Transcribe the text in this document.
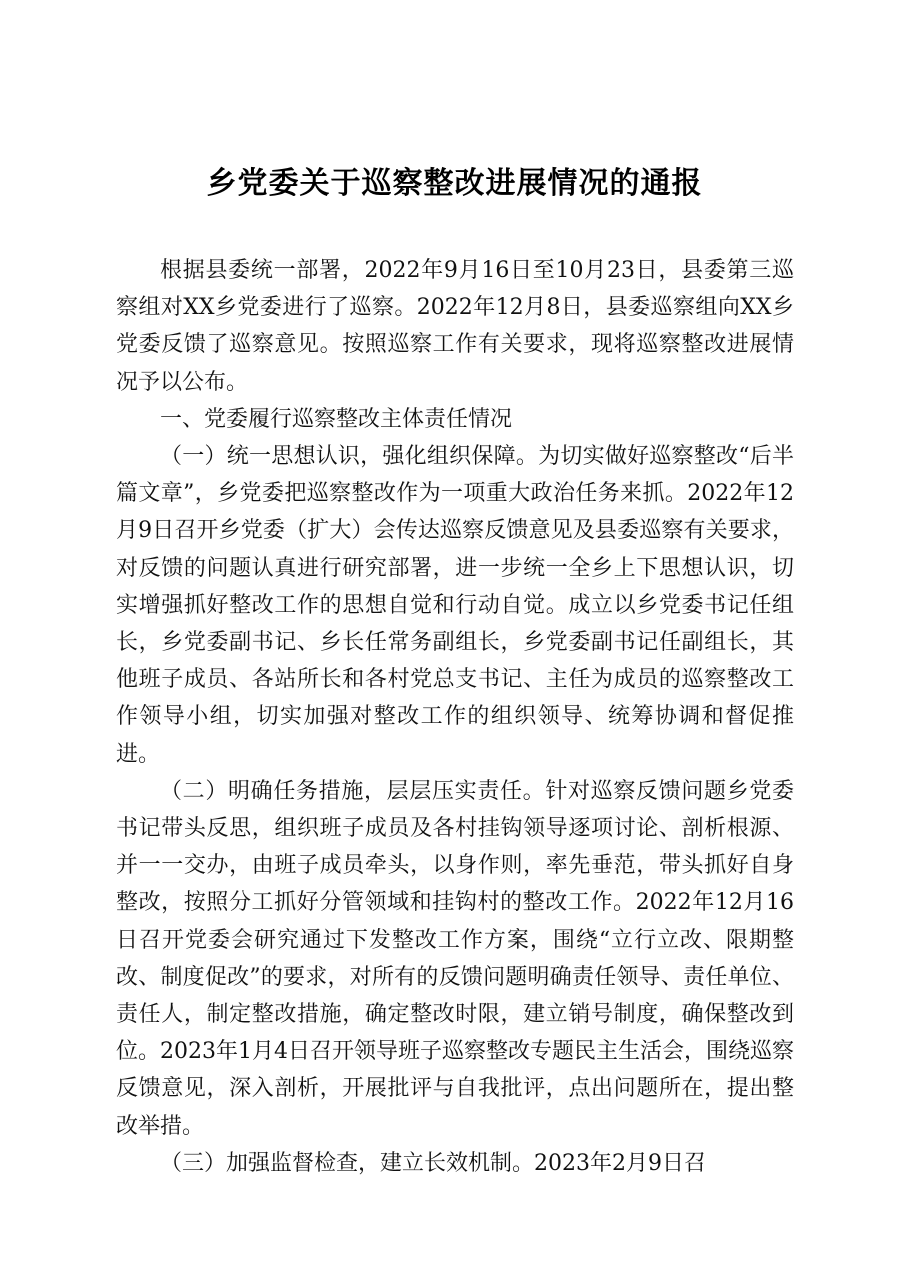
乡党委关于巡察整改进展情况的通报

根据县委统一部署，2022年9月16日至10月23日，县委第三巡察组对XX乡党委进行了巡察。2022年12月8日，县委巡察组向XX乡党委反馈了巡察意见。按照巡察工作有关要求，现将巡察整改进展情况予以公布。

一、党委履行巡察整改主体责任情况

（一）统一思想认识，强化组织保障。为切实做好巡察整改“后半篇文章”，乡党委把巡察整改作为一项重大政治任务来抓。2022年12月9日召开乡党委（扩大）会传达巡察反馈意见及县委巡察有关要求，对反馈的问题认真进行研究部署，进一步统一全乡上下思想认识，切实增强抓好整改工作的思想自觉和行动自觉。成立以乡党委书记任组长，乡党委副书记、乡长任常务副组长，乡党委副书记任副组长，其他班子成员、各站所长和各村党总支书记、主任为成员的巡察整改工作领导小组，切实加强对整改工作的组织领导、统筹协调和督促推进。

（二）明确任务措施，层层压实责任。针对巡察反馈问题乡党委书记带头反思，组织班子成员及各村挂钩领导逐项讨论、剖析根源、并一一交办，由班子成员牵头，以身作则，率先垂范，带头抓好自身整改，按照分工抓好分管领域和挂钩村的整改工作。2022年12月16日召开党委会研究通过下发整改工作方案，围绕“立行立改、限期整改、制度促改”的要求，对所有的反馈问题明确责任领导、责任单位、责任人，制定整改措施，确定整改时限，建立销号制度，确保整改到位。2023年1月4日召开领导班子巡察整改专题民主生活会，围绕巡察反馈意见，深入剖析，开展批评与自我批评，点出问题所在，提出整改举措。

（三）加强监督检查，建立长效机制。2023年2月9日召
